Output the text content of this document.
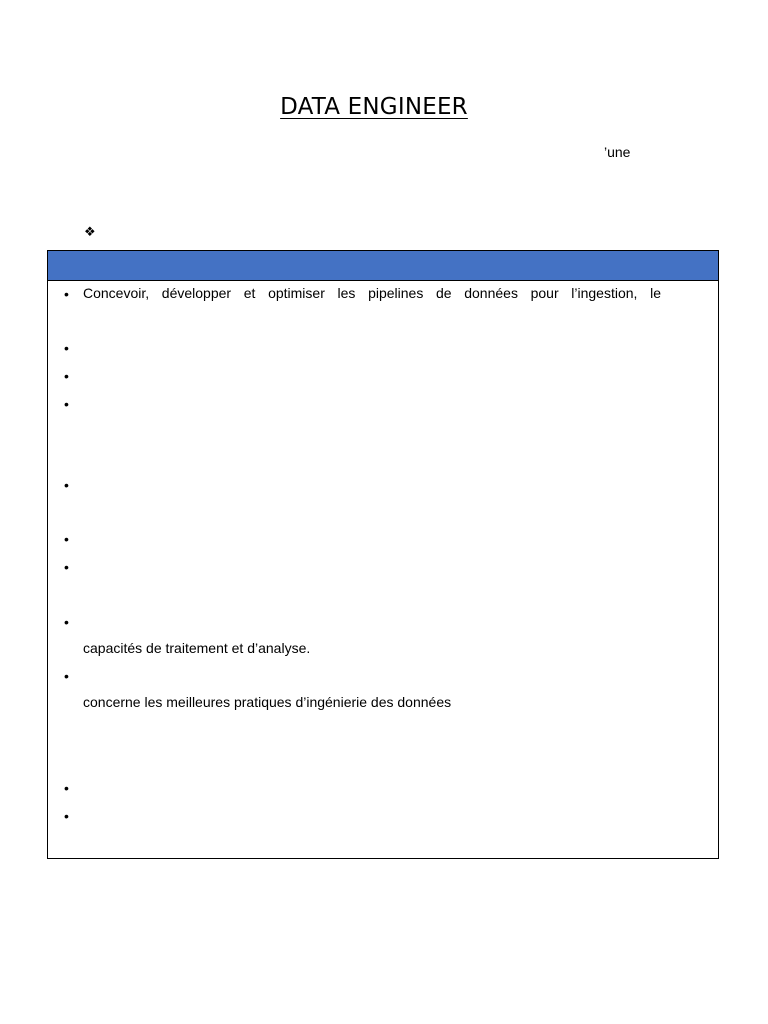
DATA ENGINEER
’une
❖
• Concevoir, développer et optimiser les pipelines de données pour l’ingestion, le
•
•
•
•
•
•
•
capacités de traitement et d’analyse.
•
concerne les meilleures pratiques d’ingénierie des données
•
•
